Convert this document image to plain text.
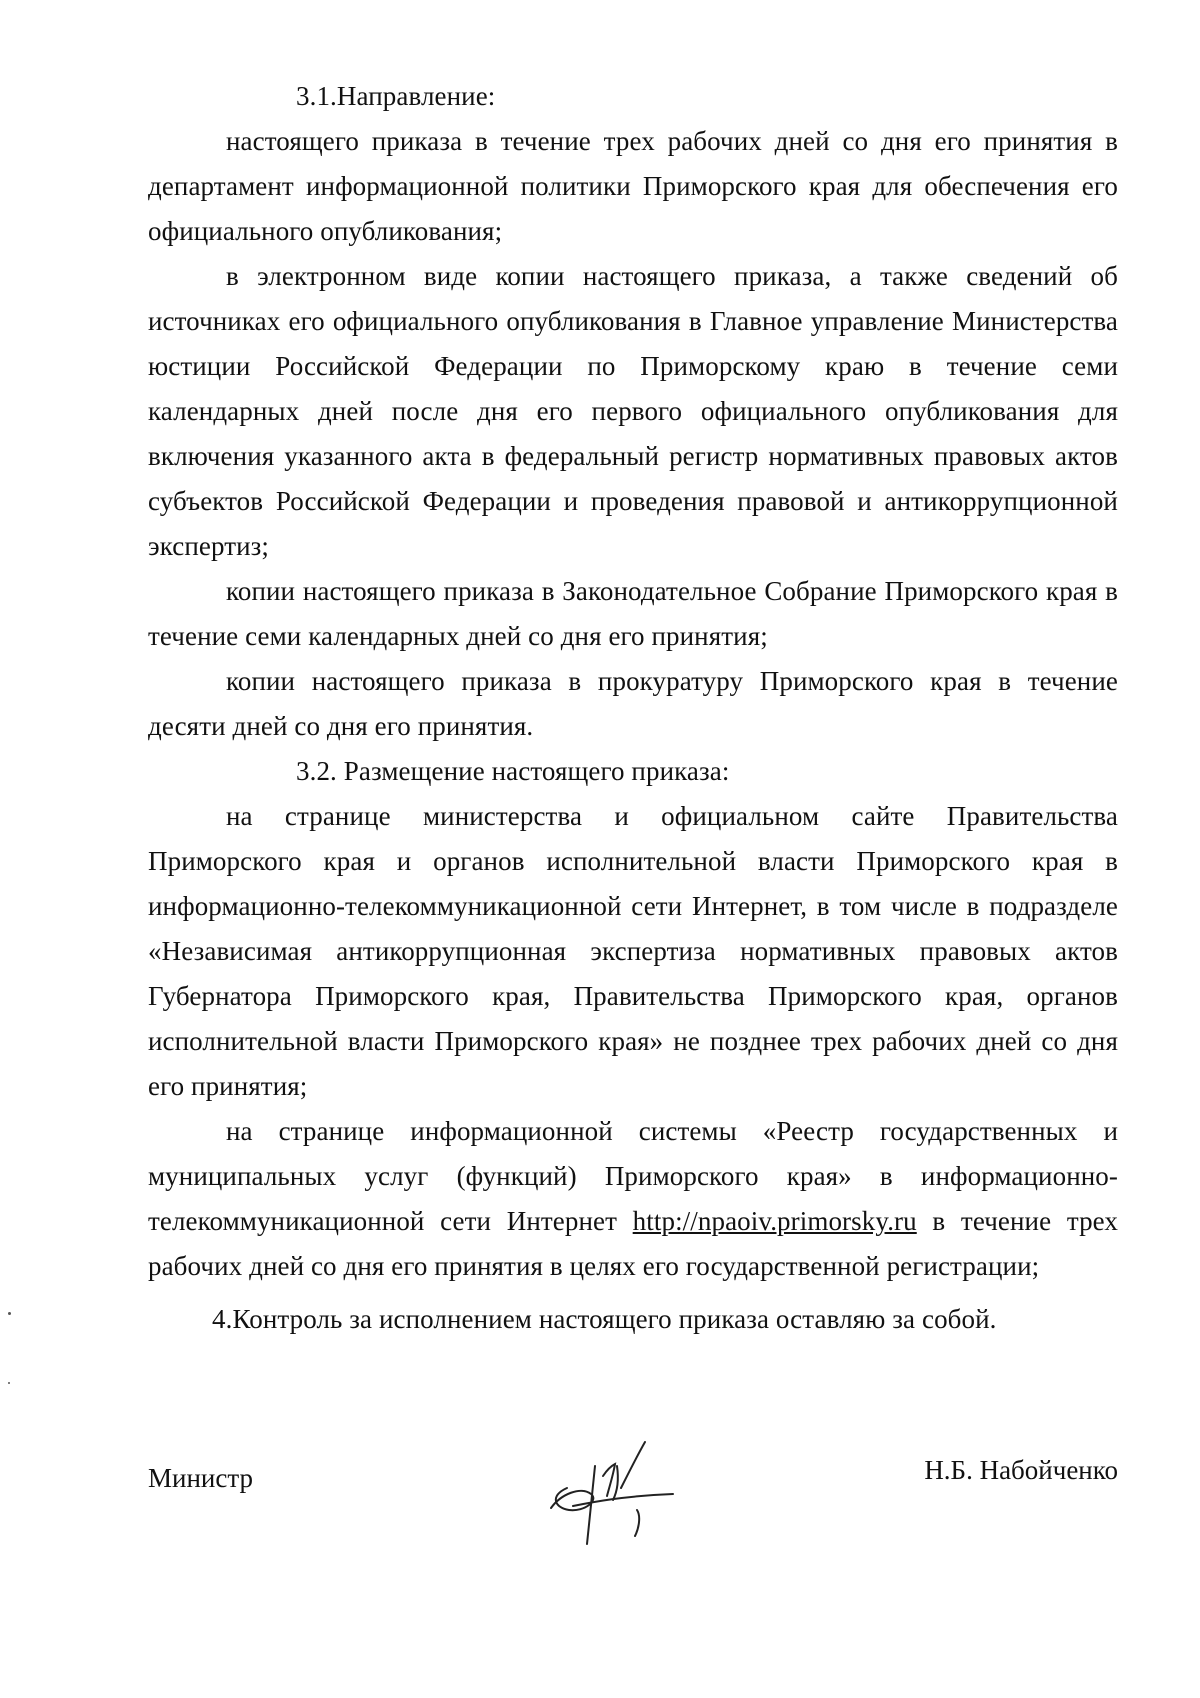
3.1.Направление:

настоящего приказа в течение трех рабочих дней со дня его принятия в департамент информационной политики Приморского края для обеспечения его официального опубликования;

в электронном виде копии настоящего приказа, а также сведений об источниках его официального опубликования в Главное управление Министерства юстиции Российской Федерации по Приморскому краю в течение семи календарных дней после дня его первого официального опубликования для включения указанного акта в федеральный регистр нормативных правовых актов субъектов Российской Федерации и проведения правовой и антикоррупционной экспертиз;

копии настоящего приказа в Законодательное Собрание Приморского края в течение семи календарных дней со дня его принятия;

копии настоящего приказа в прокуратуру Приморского края в течение десяти дней со дня его принятия.

3.2. Размещение настоящего приказа:

на странице министерства и официальном сайте Правительства Приморского края и органов исполнительной власти Приморского края в информационно-телекоммуникационной сети Интернет, в том числе в подразделе «Независимая антикоррупционная экспертиза нормативных правовых актов Губернатора Приморского края, Правительства Приморского края, органов исполнительной власти Приморского края» не позднее трех рабочих дней со дня его принятия;

на странице информационной системы «Реестр государственных и муниципальных услуг (функций) Приморского края» в информационно-телекоммуникационной сети Интернет http://npaoiv.primorsky.ru в течение трех рабочих дней со дня его принятия в целях его государственной регистрации;

4.Контроль за исполнением настоящего приказа оставляю за собой.

Министр	Н.Б. Набойченко
